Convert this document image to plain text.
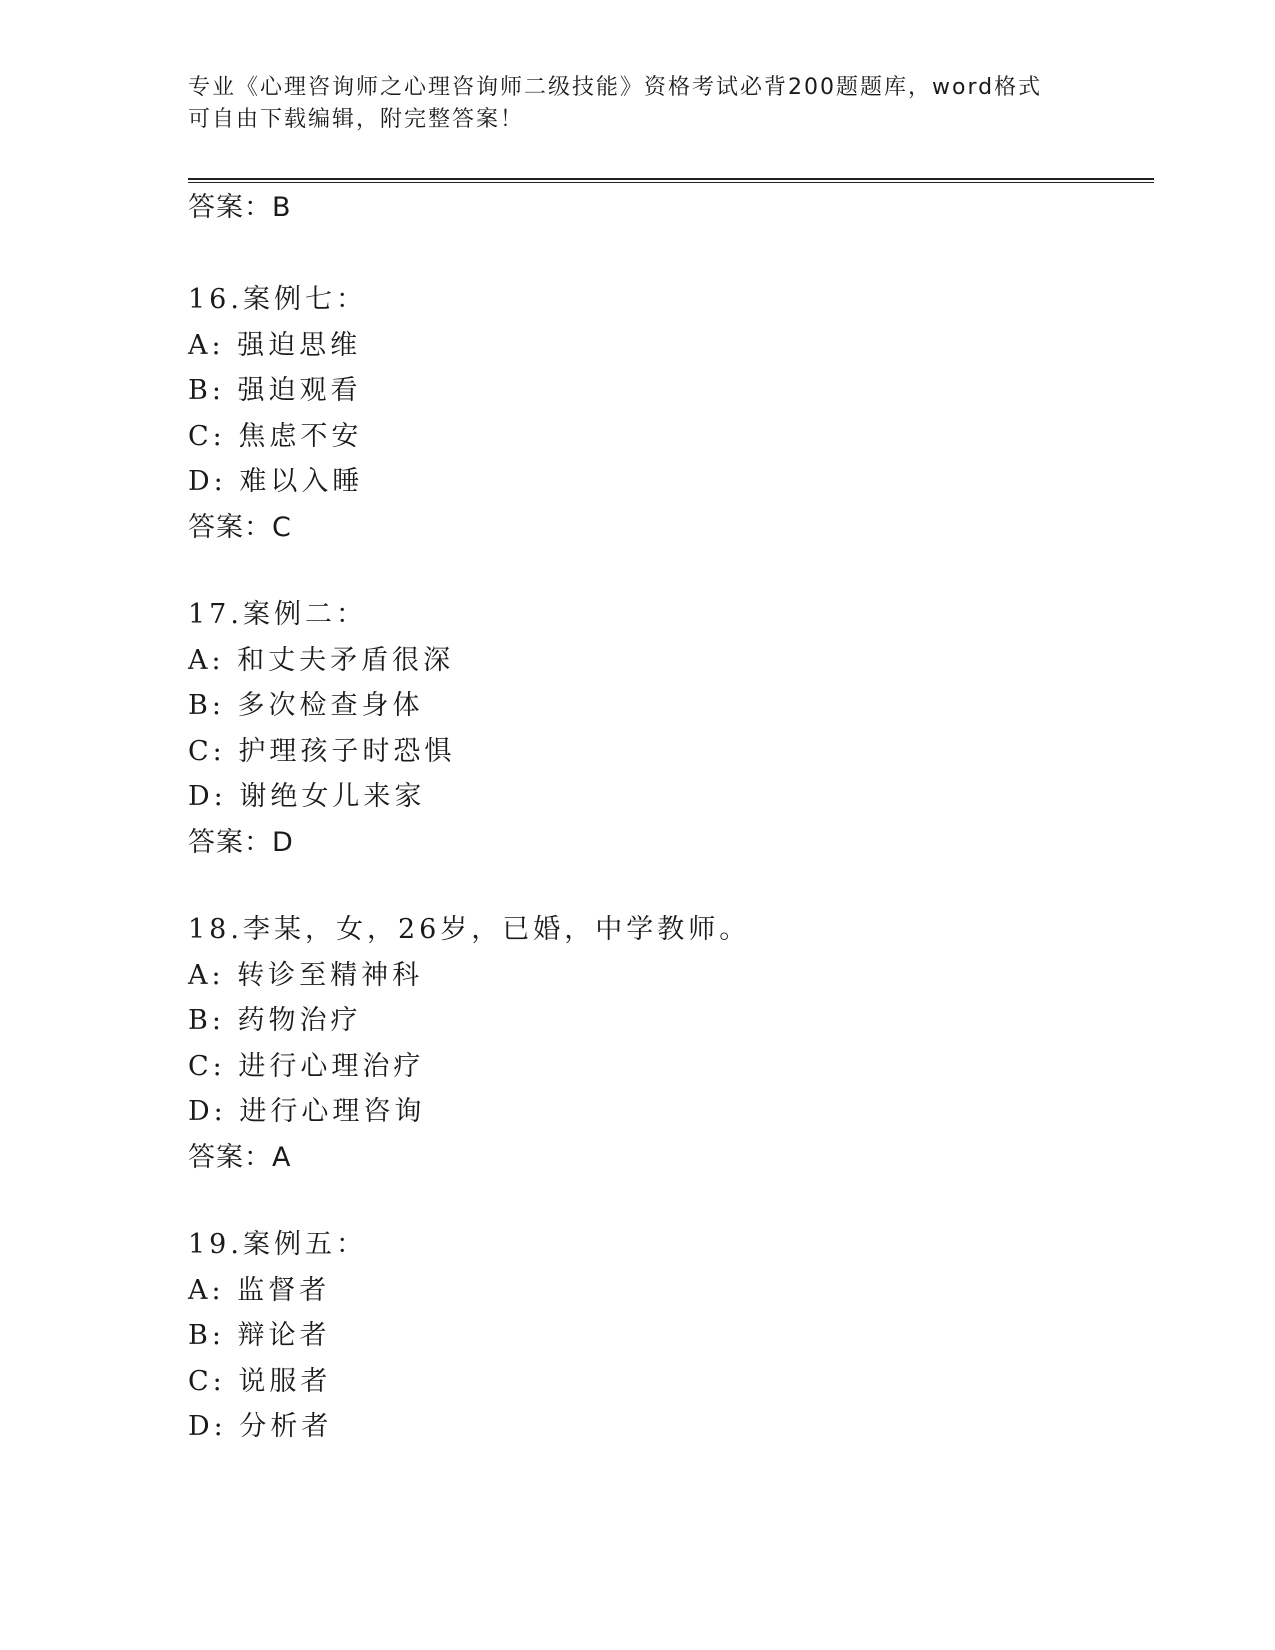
专业《心理咨询师之心理咨询师二级技能》资格考试必背200题题库，word格式
可自由下载编辑，附完整答案！
答案：B
16.案例七：
A: 强迫思维
B: 强迫观看
C: 焦虑不安
D: 难以入睡
答案：C
17.案例二：
A: 和丈夫矛盾很深
B: 多次检查身体
C: 护理孩子时恐惧
D: 谢绝女儿来家
答案：D
18.李某，女，26岁，已婚，中学教师。
A: 转诊至精神科
B: 药物治疗
C: 进行心理治疗
D: 进行心理咨询
答案：A
19.案例五：
A: 监督者
B: 辩论者
C: 说服者
D: 分析者
